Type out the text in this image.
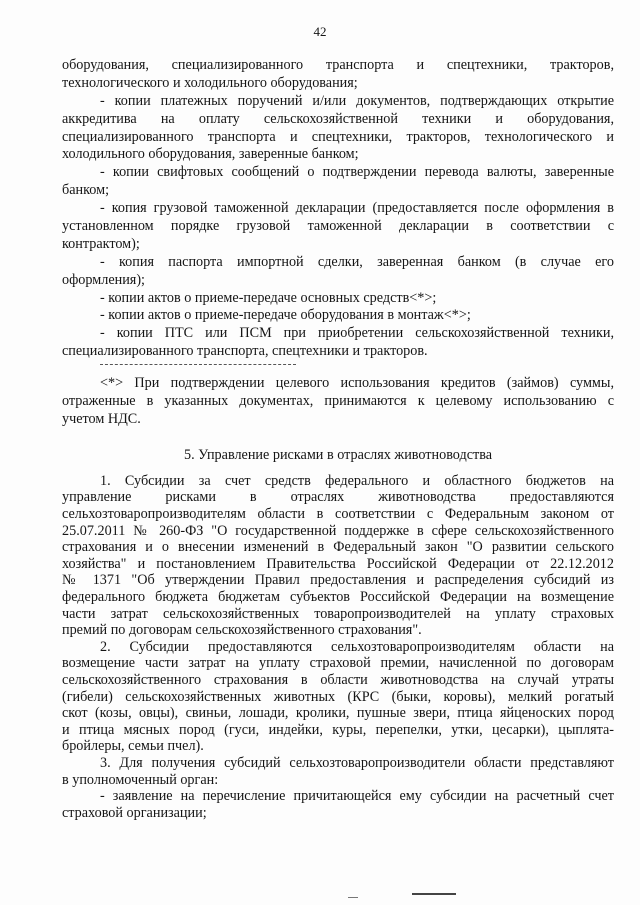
42
оборудования, специализированного транспорта и спецтехники, тракторов,
технологического и холодильного оборудования;
- копии платежных поручений и/или документов, подтверждающих открытие
аккредитива на оплату сельскохозяйственной техники и оборудования,
специализированного транспорта и спецтехники, тракторов, технологического и
холодильного оборудования, заверенные банком;
- копии свифтовых сообщений о подтверждении перевода валюты, заверенные
банком;
- копия грузовой таможенной декларации (предоставляется после оформления в
установленном порядке грузовой таможенной декларации в соответствии с
контрактом);
- копия паспорта импортной сделки, заверенная банком (в случае его
оформления);
- копии актов о приеме-передаче основных средств<*>;
- копии актов о приеме-передаче оборудования в монтаж<*>;
- копии ПТС или ПСМ при приобретении сельскохозяйственной техники,
специализированного транспорта, спецтехники и тракторов.
<*> При подтверждении целевого использования кредитов (займов) суммы,
отраженные в указанных документах, принимаются к целевому использованию с
учетом НДС.
5. Управление рисками в отраслях животноводства
1. Субсидии за счет средств федерального и областного бюджетов на
управление рисками в отраслях животноводства предоставляются
сельхозтоваропроизводителям области в соответствии с Федеральным законом от
25.07.2011 № 260-ФЗ "О государственной поддержке в сфере сельскохозяйственного
страхования и о внесении изменений в Федеральный закон "О развитии сельского
хозяйства" и постановлением Правительства Российской Федерации от 22.12.2012
№ 1371 "Об утверждении Правил предоставления и распределения субсидий из
федерального бюджета бюджетам субъектов Российской Федерации на возмещение
части затрат сельскохозяйственных товаропроизводителей на уплату страховых
премий по договорам сельскохозяйственного страхования".
2. Субсидии предоставляются сельхозтоваропроизводителям области на
возмещение части затрат на уплату страховой премии, начисленной по договорам
сельскохозяйственного страхования в области животноводства на случай утраты
(гибели) сельскохозяйственных животных (КРС (быки, коровы), мелкий рогатый
скот (козы, овцы), свиньи, лошади, кролики, пушные звери, птица яйценоских пород
и птица мясных пород (гуси, индейки, куры, перепелки, утки, цесарки), цыплята-
бройлеры, семьи пчел).
3. Для получения субсидий сельхозтоваропроизводители области представляют
в уполномоченный орган:
- заявление на перечисление причитающейся ему субсидии на расчетный счет
страховой организации;
